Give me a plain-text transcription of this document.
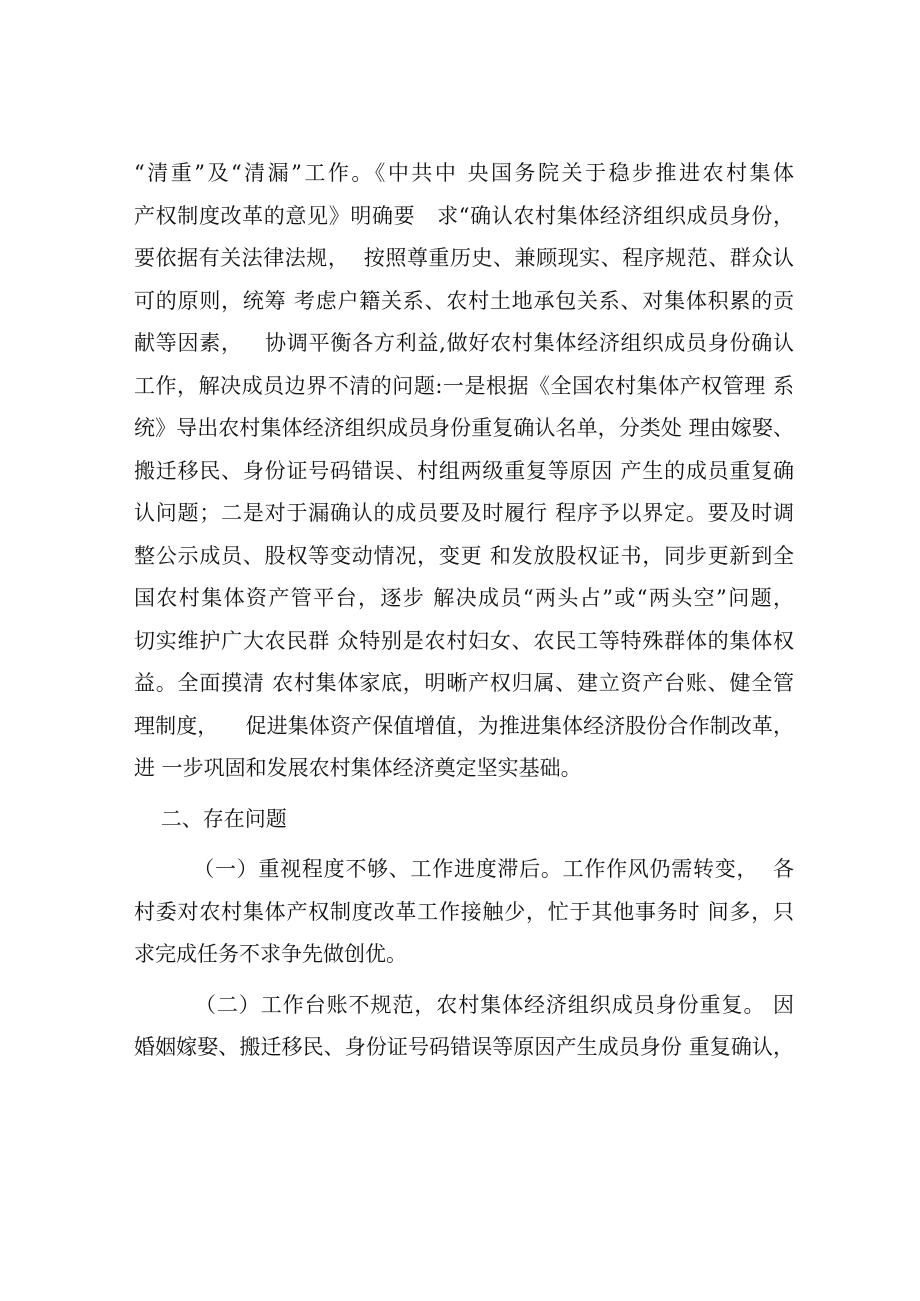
“清重”及“清漏”工作。《中共中 央国务院关于稳步推进农村集体
产权制度改革的意见》明确要   求“确认农村集体经济组织成员身份，
要依据有关法律法规，  按照尊重历史、兼顾现实、程序规范、群众认
可的原则，统筹 考虑户籍关系、农村土地承包关系、对集体积累的贡
献等因素，   协调平衡各方利益,做好农村集体经济组织成员身份确认
工作，解决成员边界不清的问题:一是根据《全国农村集体产权管理 系
统》导出农村集体经济组织成员身份重复确认名单，分类处 理由嫁娶、
搬迁移民、身份证号码错误、村组两级重复等原因 产生的成员重复确
认问题；二是对于漏确认的成员要及时履行 程序予以界定。要及时调
整公示成员、股权等变动情况，变更 和发放股权证书，同步更新到全
国农村集体资产管平台，逐步 解决成员“两头占”或“两头空”问题，
切实维护广大农民群 众特别是农村妇女、农民工等特殊群体的集体权
益。全面摸清 农村集体家底，明晰产权归属、建立资产台账、健全管
理制度，    促进集体资产保值增值，为推进集体经济股份合作制改革，
进 一步巩固和发展农村集体经济奠定坚实基础。
二、存在问题
（一）重视程度不够、工作进度滞后。工作作风仍需转变，  各
村委对农村集体产权制度改革工作接触少，忙于其他事务时 间多，只
求完成任务不求争先做创优。
（二）工作台账不规范，农村集体经济组织成员身份重复。 因
婚姻嫁娶、搬迁移民、身份证号码错误等原因产生成员身份 重复确认，
